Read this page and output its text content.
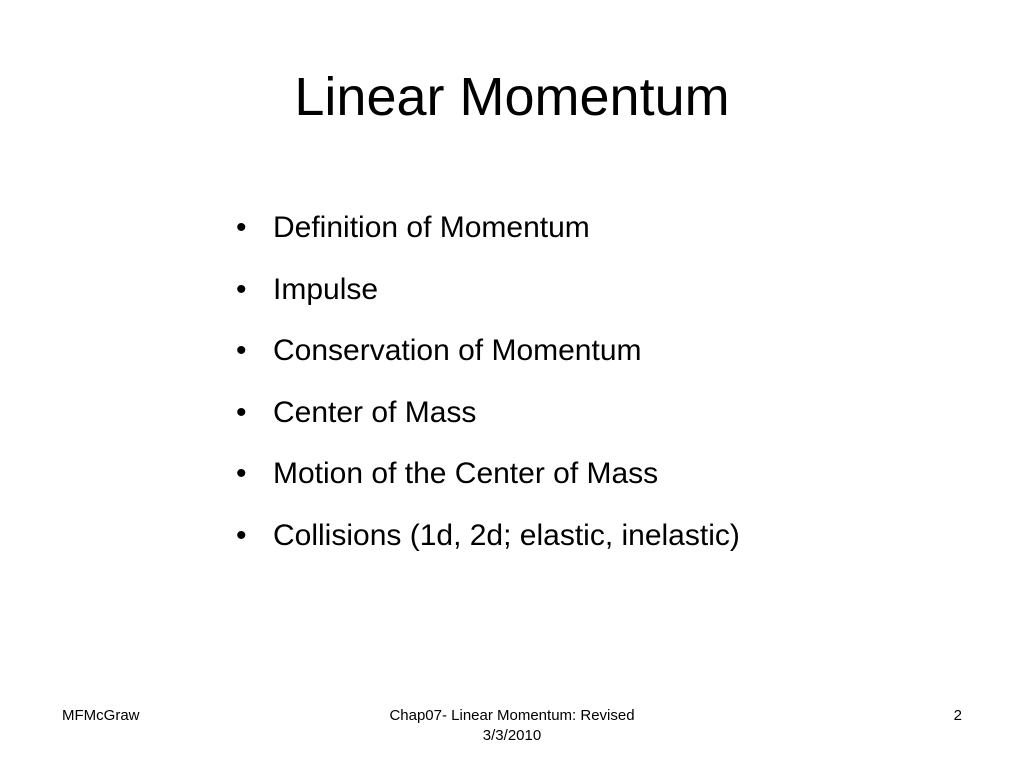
Linear Momentum
• Definition of Momentum
• Impulse
• Conservation of Momentum
• Center of Mass
• Motion of the Center of Mass
• Collisions (1d, 2d; elastic, inelastic)
MFMcGraw	Chap07- Linear Momentum: Revised
3/3/2010
2
